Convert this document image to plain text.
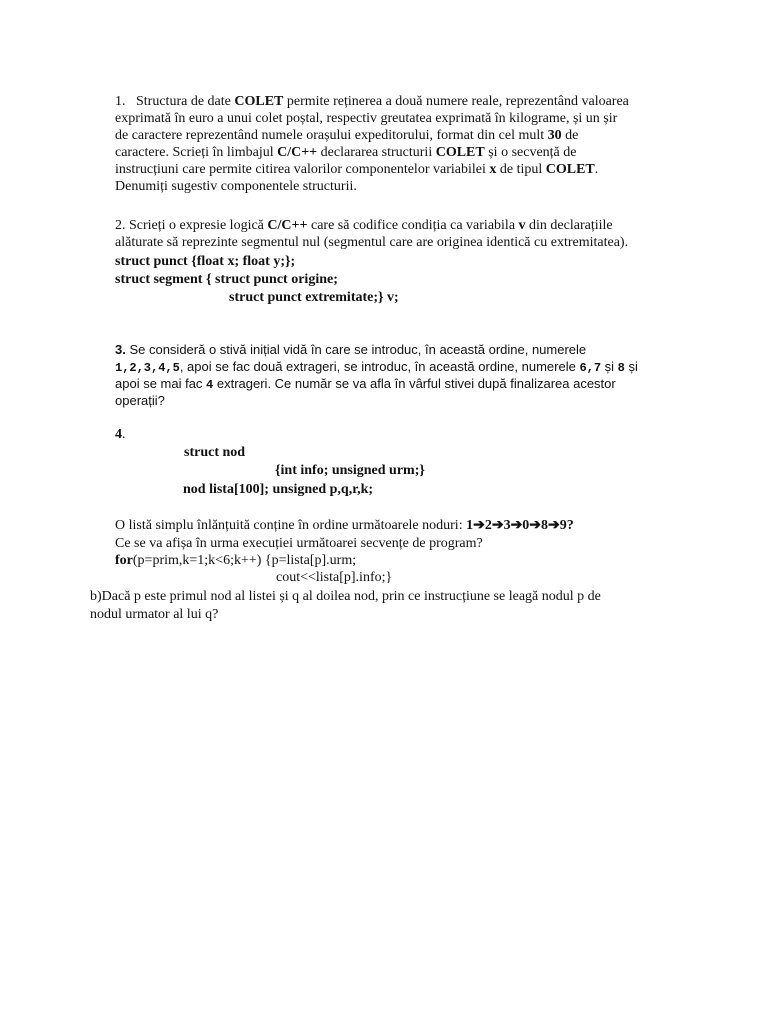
1. Structura de date COLET permite reținerea a două numere reale, reprezentând valoarea
exprimată în euro a unui colet poștal, respectiv greutatea exprimată în kilograme, și un șir
de caractere reprezentând numele orașului expeditorului, format din cel mult 30 de
caractere. Scrieți în limbajul C/C++ declararea structurii COLET și o secvență de
instrucțiuni care permite citirea valorilor componentelor variabilei x de tipul COLET.
Denumiți sugestiv componentele structurii.
2. Scrieți o expresie logică C/C++ care să codifice condiția ca variabila v din declarațiile
alăturate să reprezinte segmentul nul (segmentul care are originea identică cu extremitatea).
struct punct {float x; float y;};
struct segment { struct punct origine;
struct punct extremitate;} v;
3. Se consideră o stivă inițial vidă în care se introduc, în această ordine, numerele
1,2,3,4,5, apoi se fac două extrageri, se introduc, în această ordine, numerele 6,7 și 8 și
apoi se mai fac 4 extrageri. Ce număr se va afla în vârful stivei după finalizarea acestor
operații?
4.
struct nod
{int info; unsigned urm;}
nod lista[100]; unsigned p,q,r,k;
O listă simplu înlănțuită conține în ordine următoarele noduri: 1➔2➔3➔0➔8➔9?
Ce se va afișa în urma execuției următoarei secvențe de program?
for(p=prim,k=1;k<6;k++) {p=lista[p].urm;
cout<<lista[p].info;}
b)Dacă p este primul nod al listei și q al doilea nod, prin ce instrucțiune se leagă nodul p de
nodul urmator al lui q?
